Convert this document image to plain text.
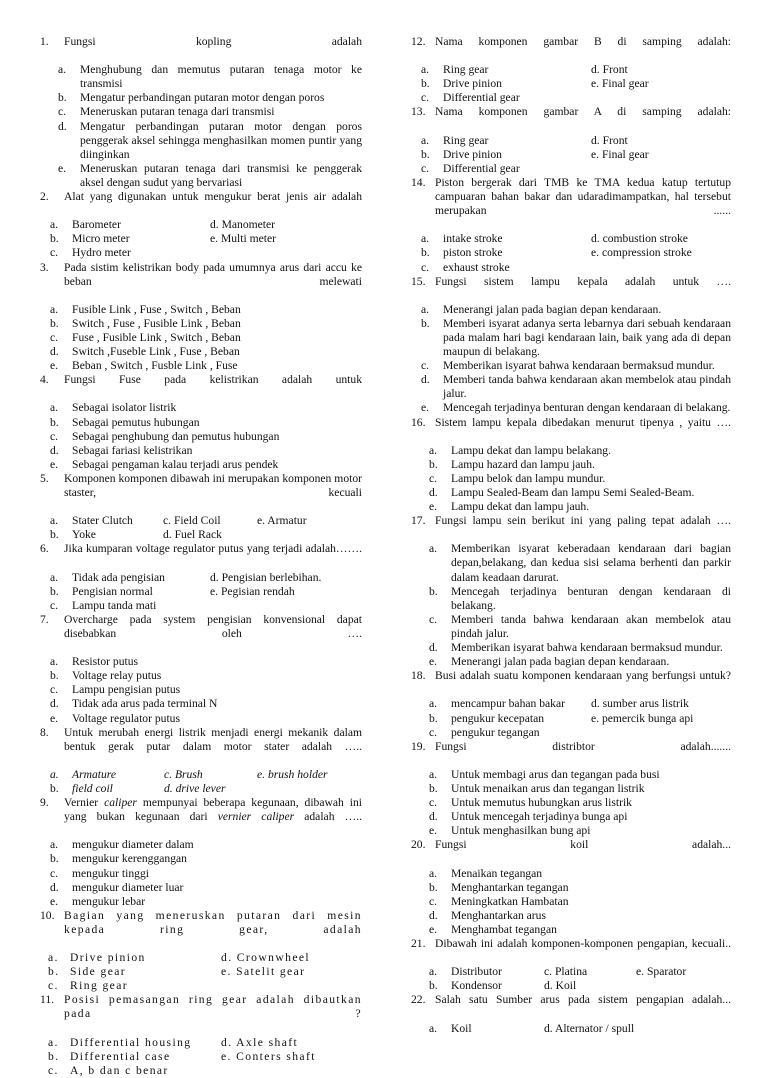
1.	Fungsi kopling adalah
a.	Menghubung dan memutus putaran tenaga motor ke transmisi
b.	Mengatur perbandingan putaran motor dengan poros
c.	Meneruskan putaran tenaga dari transmisi
d.	Mengatur perbandingan putaran motor dengan poros penggerak aksel sehingga menghasilkan momen puntir yang diinginkan
e.	Meneruskan putaran tenaga dari transmisi ke penggerak aksel dengan sudut yang bervariasi
2.	Alat yang digunakan untuk mengukur berat jenis air adalah
a.	Barometer	d. Manometer
b.	Micro meter	e. Multi meter
c.	Hydro meter
3.	Pada sistim kelistrikan body pada umumnya arus dari accu ke beban melewati
a.	Fusible Link , Fuse , Switch , Beban
b.	Switch , Fuse , Fusible Link , Beban
c.	Fuse , Fusible Link , Switch , Beban
d.	Switch ,Fuseble Link , Fuse , Beban
e.	Beban , Switch , Fusble Link , Fuse
4.	Fungsi Fuse pada kelistrikan adalah untuk
a.	Sebagai isolator listrik
b.	Sebagai pemutus hubungan
c.	Sebagai penghubung dan pemutus hubungan
d.	Sebagai fariasi kelistrikan
e.	Sebagai pengaman kalau terjadi arus pendek
5.	Komponen komponen dibawah ini merupakan komponen motor staster, kecuali
a.	Stater Clutch	c. Field Coil	e. Armatur
b.	Yoke	d. Fuel Rack
6.	Jika kumparan voltage regulator putus yang terjadi adalah…….
a.	Tidak ada pengisian	d. Pengisian berlebihan.
b.	Pengisian normal	e. Pegisian rendah
c.	Lampu tanda mati
7.	Overcharge pada system pengisian konvensional dapat disebabkan oleh ….
a.	Resistor putus
b.	Voltage relay putus
c.	Lampu pengisian putus
d.	Tidak ada arus pada terminal N
e.	Voltage regulator putus
8.	Untuk merubah energi listrik menjadi energi mekanik dalam bentuk gerak putar dalam motor stater adalah …..
a.	Armature	c. Brush	e. brush holder
b.	field coil	d. drive lever
9.	Vernier caliper mempunyai beberapa kegunaan, dibawah ini yang bukan kegunaan dari vernier caliper adalah …..
a.	mengukur diameter dalam
b.	mengukur kerenggangan
c.	mengukur tinggi
d.	mengukur diameter luar
e.	mengukur lebar
10. Bagian yang meneruskan putaran dari mesin kepada ring gear, adalah
a. Drive pinion	d. Crownwheel
b. Side gear	e. Satelit gear
c. Ring gear
11. Posisi pemasangan ring gear adalah dibautkan pada ?
a. Differential housing	d. Axle shaft
b. Differential case	e. Conters shaft
c. A, b dan c benar
12. Nama komponen gambar B di samping adalah:
a.	Ring gear	d. Front
b.	Drive pinion	e. Final gear
c.	Differential gear
13. Nama komponen gambar A di samping adalah:
a.	Ring gear	d. Front
b.	Drive pinion	e. Final gear
c.	Differential gear
14. Piston bergerak dari TMB ke TMA kedua katup tertutup campuaran bahan bakar dan udaradimampatkan, hal tersebut merupakan ......
a.	intake stroke	d. combustion stroke
b.	piston stroke	e. compression stroke
c.	exhaust stroke
15. Fungsi sistem lampu kepala adalah untuk ….
a.	Menerangi jalan pada bagian depan kendaraan.
b.	Memberi isyarat adanya serta lebarnya dari sebuah kendaraan pada malam hari bagi kendaraan lain, baik yang ada di depan maupun di belakang.
c.	Memberikan isyarat bahwa kendaraan bermaksud mundur.
d.	Memberi tanda bahwa kendaraan akan membelok atau pindah jalur.
e.	Mencegah terjadinya benturan dengan kendaraan di belakang.
16. Sistem lampu kepala dibedakan menurut tipenya , yaitu ….
a.	Lampu dekat dan lampu belakang.
b.	Lampu hazard dan lampu jauh.
c.	Lampu belok dan lampu mundur.
d.	Lampu Sealed-Beam dan lampu Semi Sealed-Beam.
e.	Lampu dekat dan lampu jauh.
17. Fungsi lampu sein berikut ini yang paling tepat adalah ….
a.	Memberikan isyarat keberadaan kendaraan dari bagian depan,belakang, dan kedua sisi selama berhenti dan parkir dalam keadaan darurat.
b.	Mencegah terjadinya benturan dengan kendaraan di belakang.
c.	Memberi tanda bahwa kendaraan akan membelok atau pindah jalur.
d.	Memberikan isyarat bahwa kendaraan bermaksud mundur.
e.	Menerangi jalan pada bagian depan kendaraan.
18. Busi adalah suatu komponen kendaraan yang berfungsi untuk?
a.	mencampur bahan bakar	d. sumber arus listrik
b.	pengukur kecepatan	e. pemercik bunga api
c.	pengukur tegangan
19. Fungsi distribtor adalah.......
a.	Untuk membagi arus dan tegangan pada busi
b.	Untuk menaikan arus dan tegangan listrik
c.	Untuk memutus hubungkan arus listrik
d.	Untuk mencegah terjadinya bunga api
e.	Untuk menghasilkan bung api
20. Fungsi koil adalah...
a.	Menaikan tegangan
b.	Menghantarkan tegangan
c.	Meningkatkan Hambatan
d.	Menghantarkan arus
e.	Menghambat tegangan
21. Dibawah ini adalah komponen-komponen pengapian, kecuali..
a.	Distributor	c. Platina	e. Sparator
b.	Kondensor	d. Koil
22. Salah satu Sumber arus pada sistem pengapian adalah...
a.	Koil	d. Alternator / spull
